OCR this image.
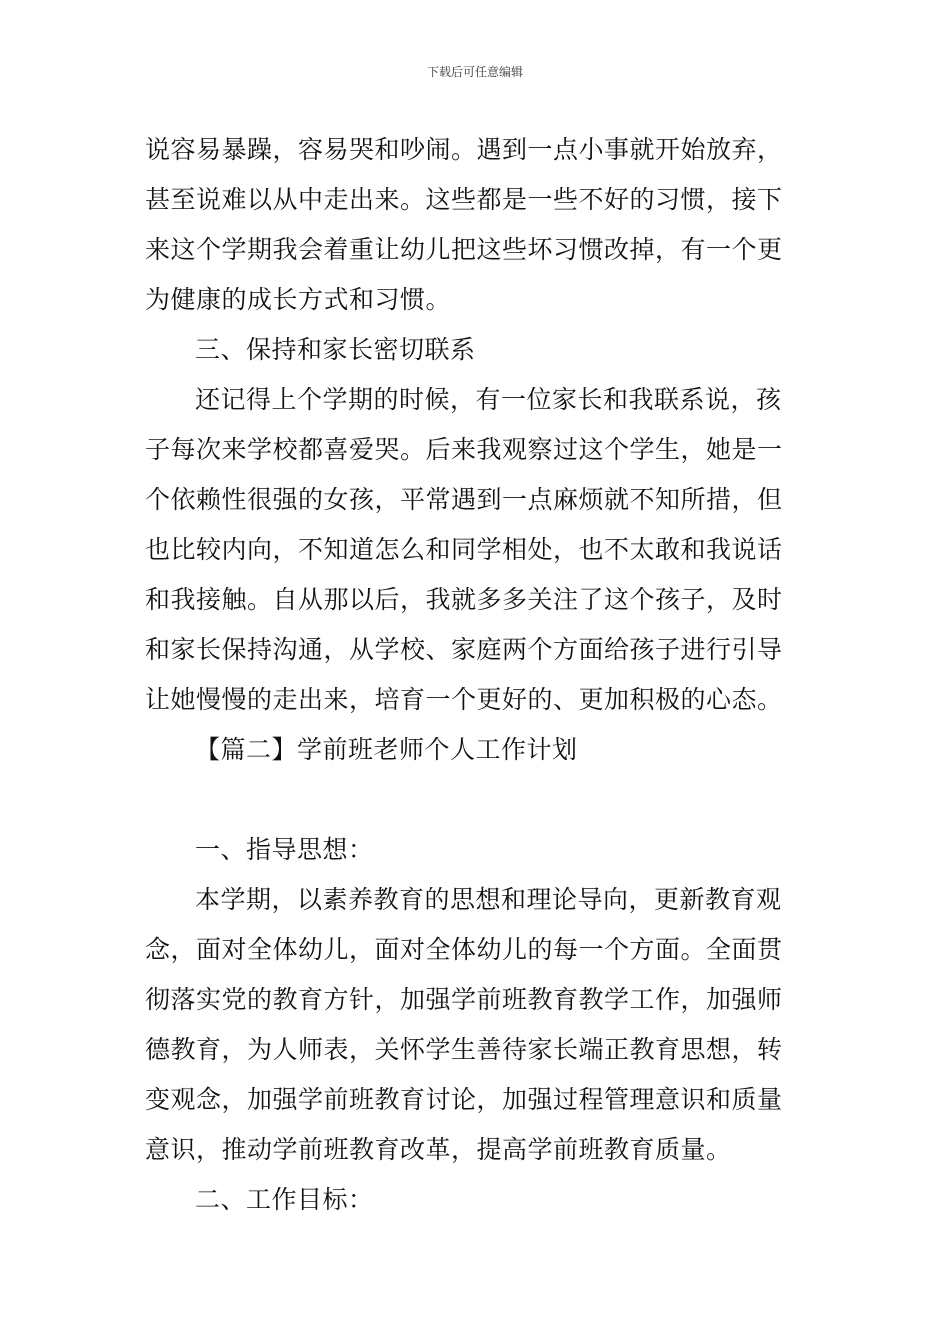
下载后可任意编辑
说容易暴躁，容易哭和吵闹。遇到一点小事就开始放弃，
甚至说难以从中走出来。这些都是一些不好的习惯，接下
来这个学期我会着重让幼儿把这些坏习惯改掉，有一个更
为健康的成长方式和习惯。
三、保持和家长密切联系
还记得上个学期的时候，有一位家长和我联系说，孩
子每次来学校都喜爱哭。后来我观察过这个学生，她是一
个依赖性很强的女孩，平常遇到一点麻烦就不知所措，但
也比较内向，不知道怎么和同学相处，也不太敢和我说话
和我接触。自从那以后，我就多多关注了这个孩子，及时
和家长保持沟通，从学校、家庭两个方面给孩子进行引导
让她慢慢的走出来，培育一个更好的、更加积极的心态。
【篇二】学前班老师个人工作计划
一、指导思想：
本学期，以素养教育的思想和理论导向，更新教育观
念，面对全体幼儿，面对全体幼儿的每一个方面。全面贯
彻落实党的教育方针，加强学前班教育教学工作，加强师
德教育，为人师表，关怀学生善待家长端正教育思想，转
变观念，加强学前班教育讨论，加强过程管理意识和质量
意识，推动学前班教育改革，提高学前班教育质量。
二、工作目标：
